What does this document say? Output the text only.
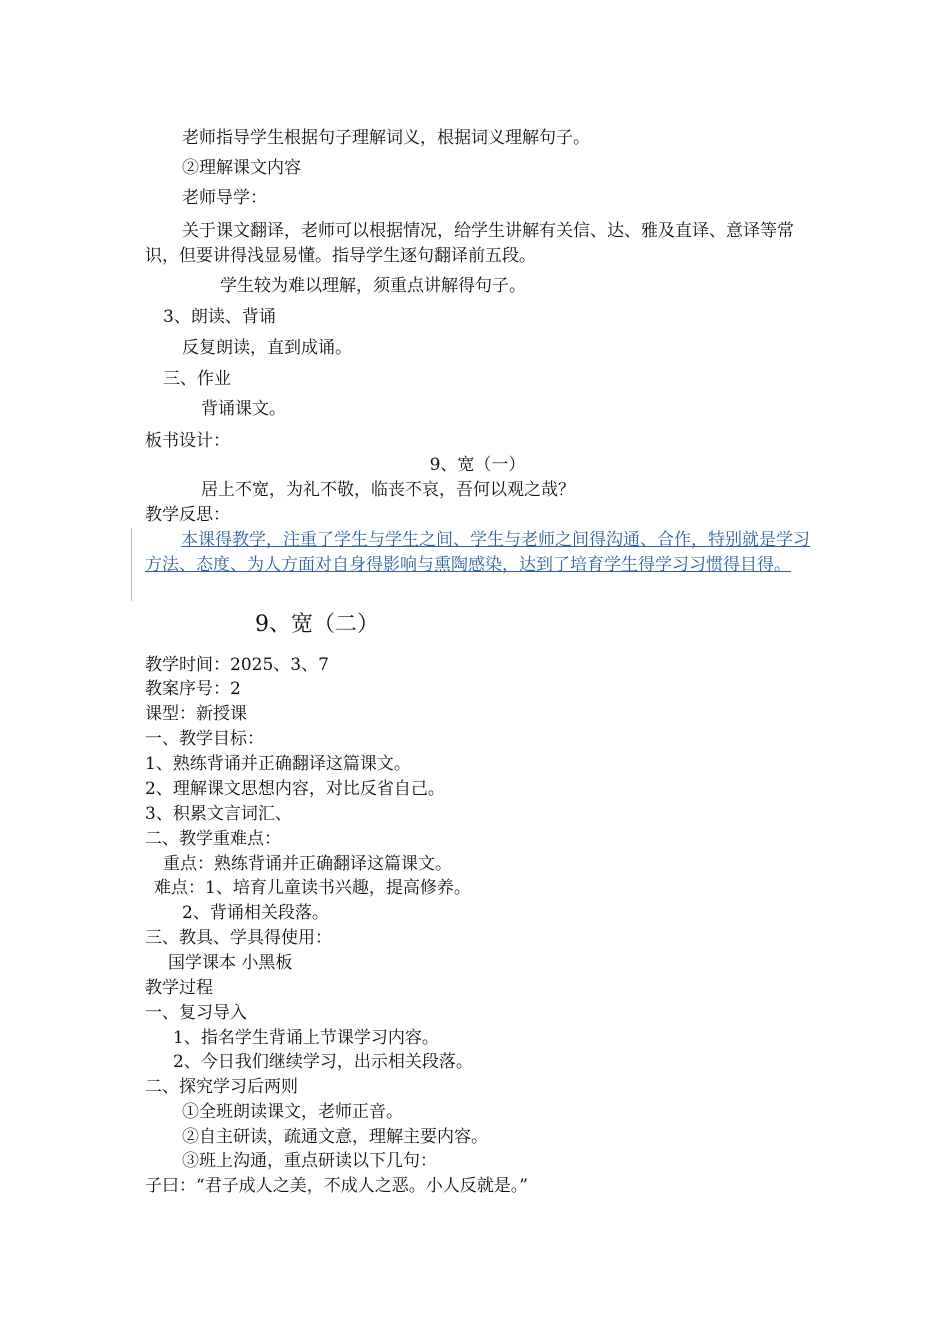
老师指导学生根据句子理解词义，根据词义理解句子。
②理解课文内容
老师导学：
关于课文翻译，老师可以根据情况，给学生讲解有关信、达、雅及直译、意译等常识，但要讲得浅显易懂。指导学生逐句翻译前五段。
学生较为难以理解，须重点讲解得句子。
3、朗读、背诵
反复朗读，直到成诵。
三、作业
背诵课文。
板书设计：
9、宽（一）
居上不宽，为礼不敬，临丧不哀，吾何以观之哉？
教学反思：
本课得教学，注重了学生与学生之间、学生与老师之间得沟通、合作，特别就是学习方法、态度、为人方面对自身得影响与熏陶感染，达到了培育学生得学习习惯得目得。
9、宽（二）
教学时间：2025、3、7
教案序号：2
课型：新授课
一、教学目标：
1、熟练背诵并正确翻译这篇课文。
2、理解课文思想内容，对比反省自己。
3、积累文言词汇、
二、教学重难点：
重点：熟练背诵并正确翻译这篇课文。
难点：1、培育儿童读书兴趣，提高修养。
2、背诵相关段落。
三、教具、学具得使用：
国学课本 小黑板
教学过程
一、复习导入
1、指名学生背诵上节课学习内容。
2、今日我们继续学习，出示相关段落。
二、探究学习后两则
①全班朗读课文，老师正音。
②自主研读，疏通文意，理解主要内容。
③班上沟通，重点研读以下几句：
子曰：“君子成人之美，不成人之恶。小人反就是。”
